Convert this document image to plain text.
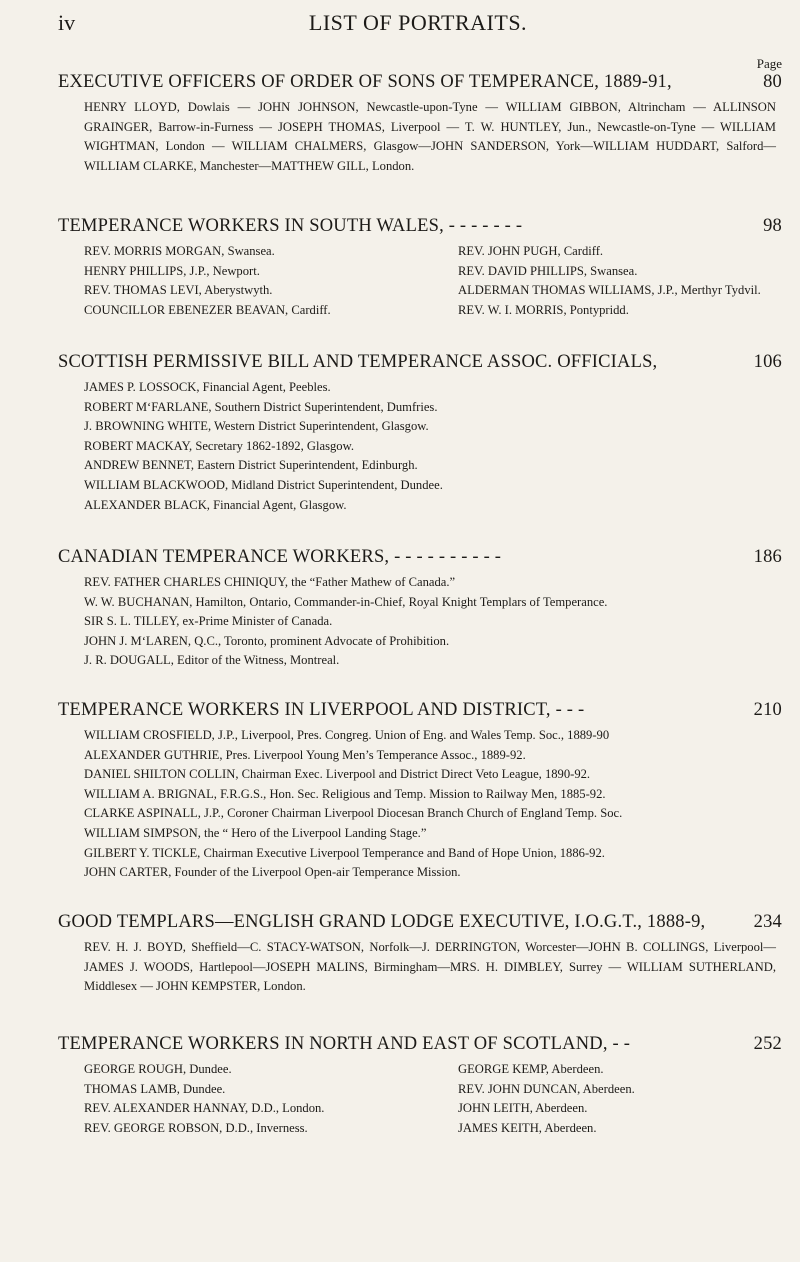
iv	LIST OF PORTRAITS.
Page
EXECUTIVE OFFICERS OF ORDER OF SONS OF TEMPERANCE, 1889-91,	80

HENRY LLOYD, Dowlais — JOHN JOHNSON, Newcastle-upon-Tyne — WILLIAM GIBBON, Altrincham — ALLINSON GRAINGER, Barrow-in-Furness — JOSEPH THOMAS, Liverpool — T. W. HUNTLEY, Jun., Newcastle-on-Tyne — WILLIAM WIGHTMAN, London — WILLIAM CHALMERS, Glasgow—JOHN SANDERSON, York—WILLIAM HUDDART, Salford—WILLIAM CLARKE, Manchester—MATTHEW GILL, London.

TEMPERANCE WORKERS IN SOUTH WALES, - - - - - - -	98
REV. MORRIS MORGAN, Swansea.	REV. JOHN PUGH, Cardiff.
HENRY PHILLIPS, J.P., Newport.	REV. DAVID PHILLIPS, Swansea.
REV. THOMAS LEVI, Aberystwyth.	ALDERMAN THOMAS WILLIAMS, J.P., Merthyr Tydvil.
COUNCILLOR EBENEZER BEAVAN, Cardiff.	REV. W. I. MORRIS, Pontypridd.
SCOTTISH PERMISSIVE BILL AND TEMPERANCE ASSOC. OFFICIALS,	106
JAMES P. LOSSOCK, Financial Agent, Peebles.
ROBERT M‘FARLANE, Southern District Superintendent, Dumfries.
J. BROWNING WHITE, Western District Superintendent, Glasgow.
ROBERT MACKAY, Secretary 1862-1892, Glasgow.
ANDREW BENNET, Eastern District Superintendent, Edinburgh.
WILLIAM BLACKWOOD, Midland District Superintendent, Dundee.
ALEXANDER BLACK, Financial Agent, Glasgow.
CANADIAN TEMPERANCE WORKERS, - - - - - - - - - -	186
REV. FATHER CHARLES CHINIQUY, the “Father Mathew of Canada.”
W. W. BUCHANAN, Hamilton, Ontario, Commander-in-Chief, Royal Knight Templars of Temperance.
SIR S. L. TILLEY, ex-Prime Minister of Canada.
JOHN J. M‘LAREN, Q.C., Toronto, prominent Advocate of Prohibition.
J. R. DOUGALL, Editor of the Witness, Montreal.
TEMPERANCE WORKERS IN LIVERPOOL AND DISTRICT, - - -	210
WILLIAM CROSFIELD, J.P., Liverpool, Pres. Congreg. Union of Eng. and Wales Temp. Soc., 1889-90
ALEXANDER GUTHRIE, Pres. Liverpool Young Men’s Temperance Assoc., 1889-92.
DANIEL SHILTON COLLIN, Chairman Exec. Liverpool and District Direct Veto League, 1890-92.
WILLIAM A. BRIGNAL, F.R.G.S., Hon. Sec. Religious and Temp. Mission to Railway Men, 1885-92.
CLARKE ASPINALL, J.P., Coroner Chairman Liverpool Diocesan Branch Church of England Temp. Soc.
WILLIAM SIMPSON, the “ Hero of the Liverpool Landing Stage.”
GILBERT Y. TICKLE, Chairman Executive Liverpool Temperance and Band of Hope Union, 1886-92.
JOHN CARTER, Founder of the Liverpool Open-air Temperance Mission.
GOOD TEMPLARS—ENGLISH GRAND LODGE EXECUTIVE, I.O.G.T., 1888-9,	234

REV. H. J. BOYD, Sheffield—C. STACY-WATSON, Norfolk—J. DERRINGTON, Worcester—JOHN B. COLLINGS, Liverpool—JAMES J. WOODS, Hartlepool—JOSEPH MALINS, Birmingham—MRS. H. DIMBLEY, Surrey — WILLIAM SUTHERLAND, Middlesex — JOHN KEMPSTER, London.

TEMPERANCE WORKERS IN NORTH AND EAST OF SCOTLAND, - -	252
GEORGE ROUGH, Dundee.	GEORGE KEMP, Aberdeen.
THOMAS LAMB, Dundee.	REV. JOHN DUNCAN, Aberdeen.
REV. ALEXANDER HANNAY, D.D., London.	JOHN LEITH, Aberdeen.
REV. GEORGE ROBSON, D.D., Inverness.	JAMES KEITH, Aberdeen.
